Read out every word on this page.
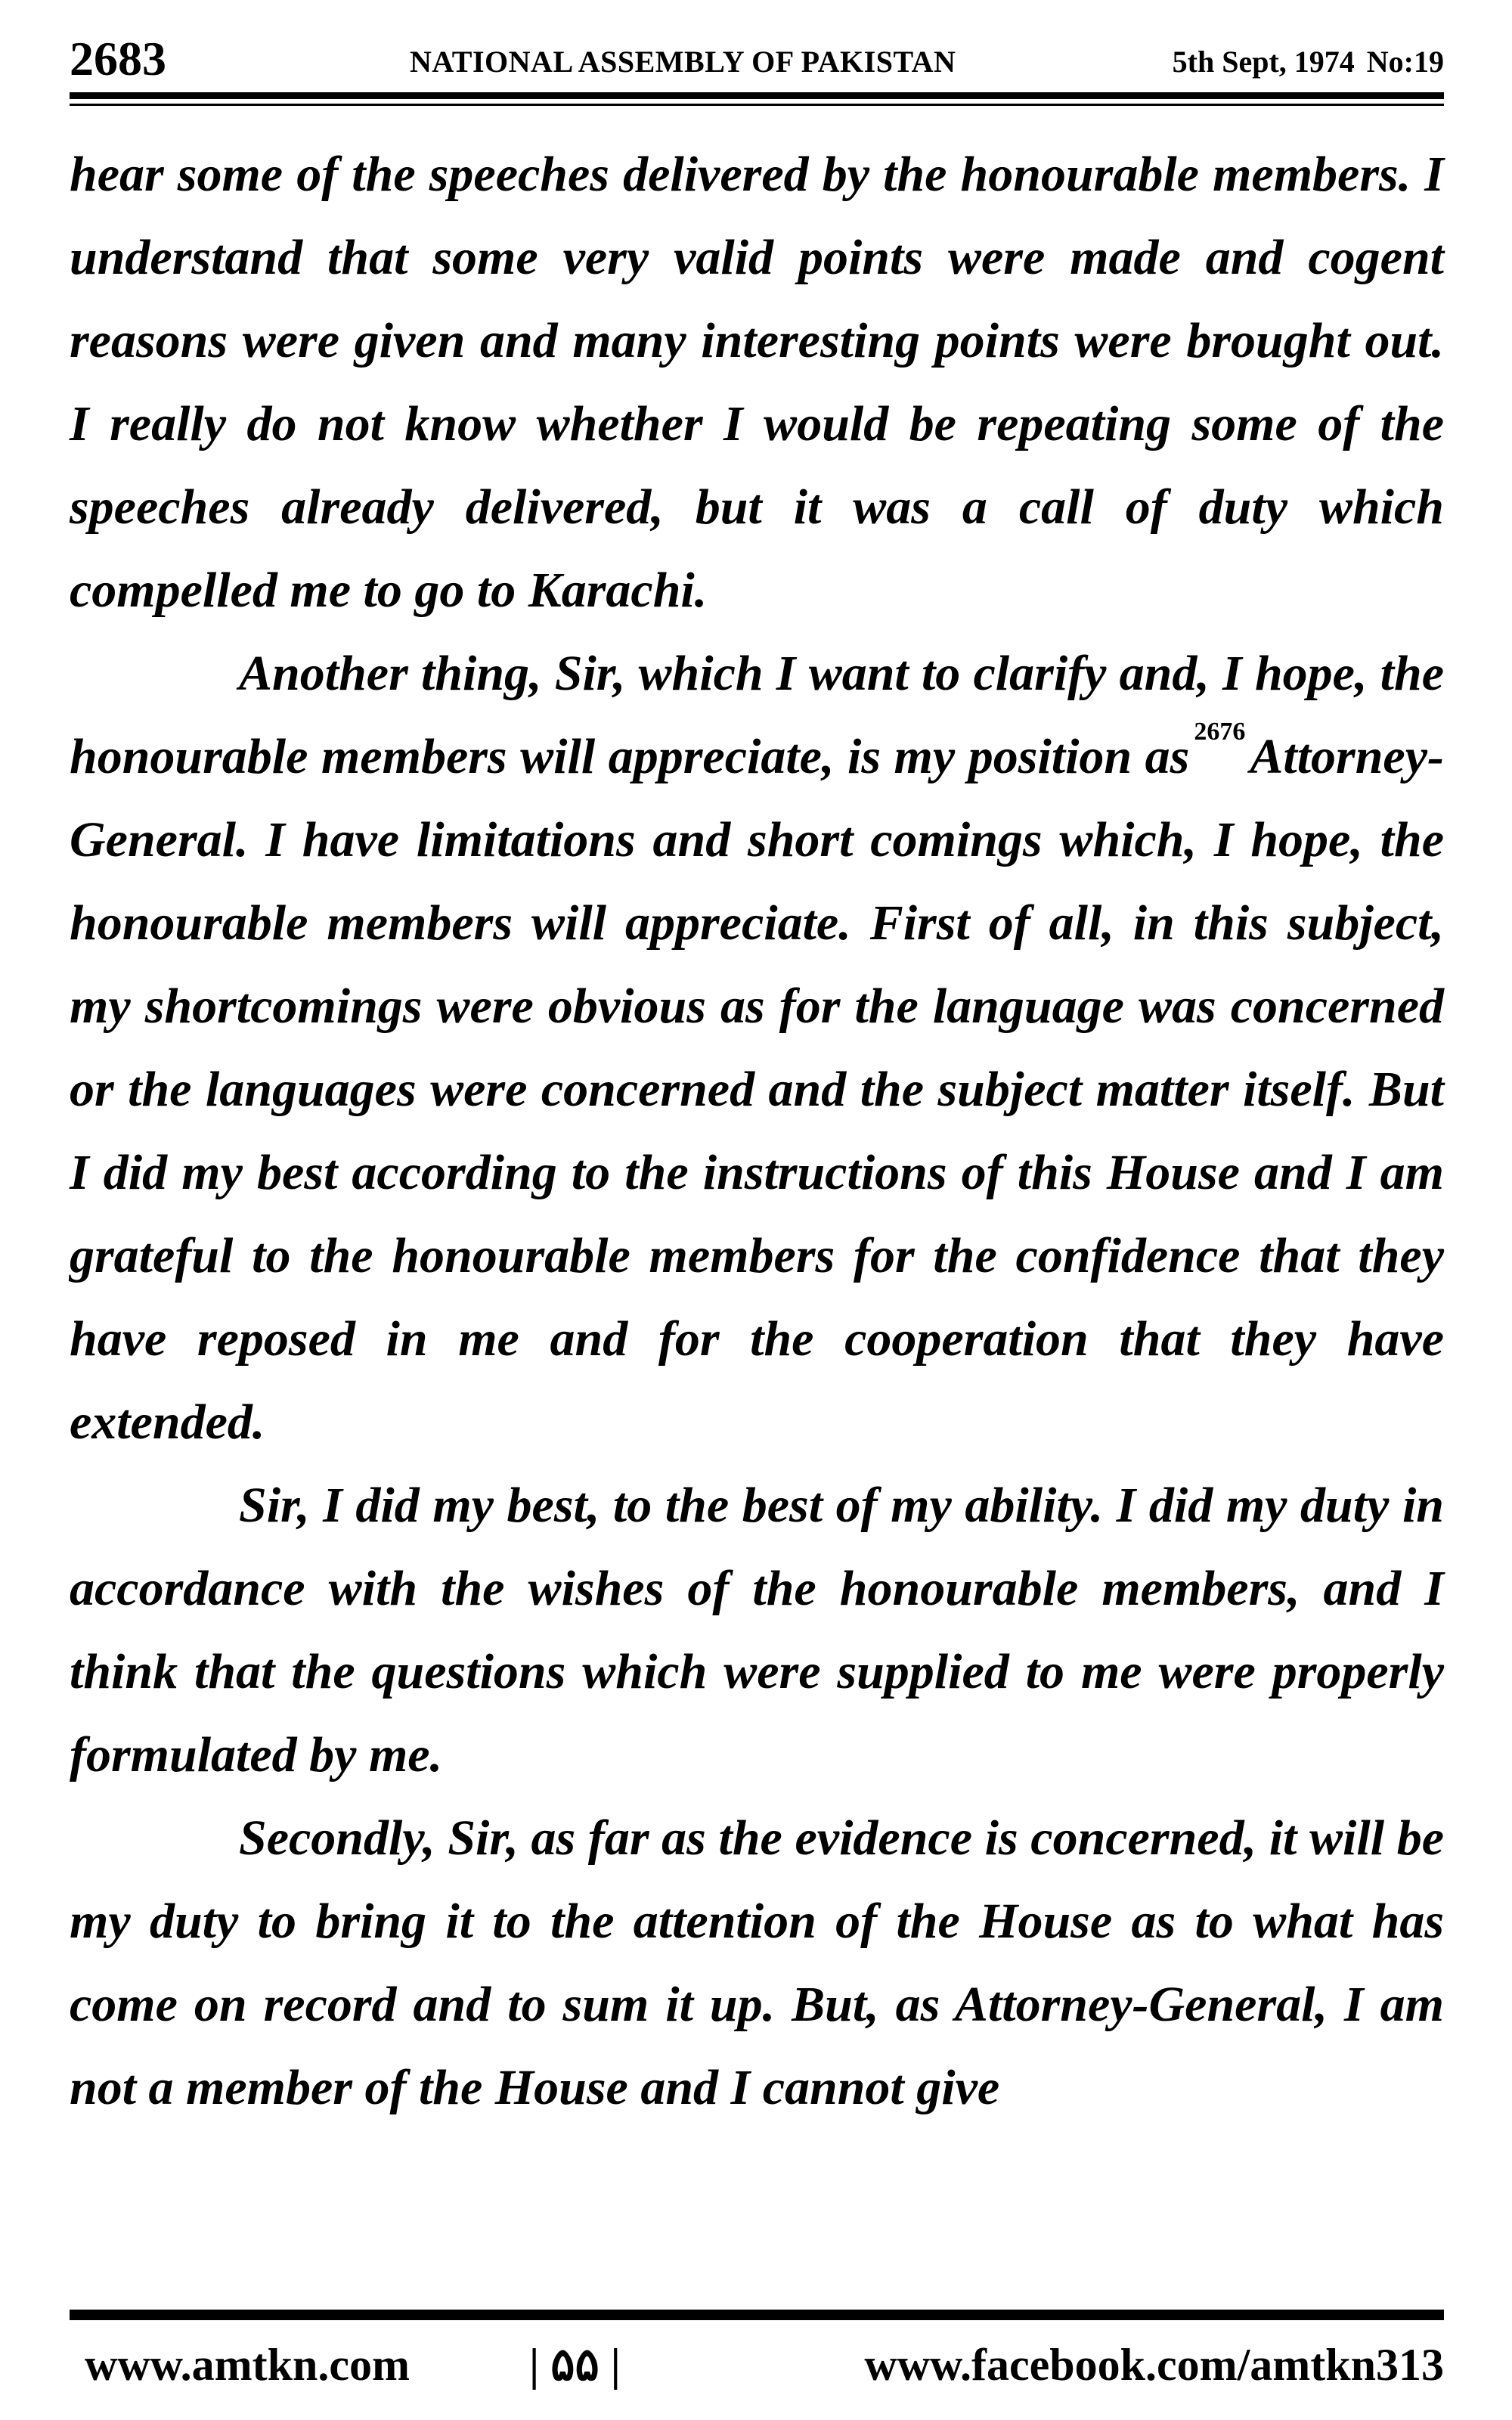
2683	NATIONAL ASSEMBLY OF PAKISTAN	5th Sept, 1974 No:19

hear some of the speeches delivered by the honourable members. I understand that some very valid points were made and cogent reasons were given and many interesting points were brought out. I really do not know whether I would be repeating some of the speeches already delivered, but it was a call of duty which compelled me to go to Karachi.

Another thing, Sir, which I want to clarify and, I hope, the honourable members will appreciate, is my position as $^{2676}$Attorney- General. I have limitations and short comings which, I hope, the honourable members will appreciate. First of all, in this subject, my shortcomings were obvious as for the language was concerned or the languages were concerned and the subject matter itself. But I did my best according to the instructions of this House and I am grateful to the honourable members for the confidence that they have reposed in me and for the cooperation that they have extended.

Sir, I did my best, to the best of my ability. I did my duty in accordance with the wishes of the honourable members, and I think that the questions which were supplied to me were properly formulated by me.

Secondly, Sir, as far as the evidence is concerned, it will be my duty to bring it to the attention of the House as to what has come on record and to sum it up. But, as Attorney-General, I am not a member of the House and I cannot give

www.amtkn.com	| ۵۵ |	www.facebook.com/amtkn313
